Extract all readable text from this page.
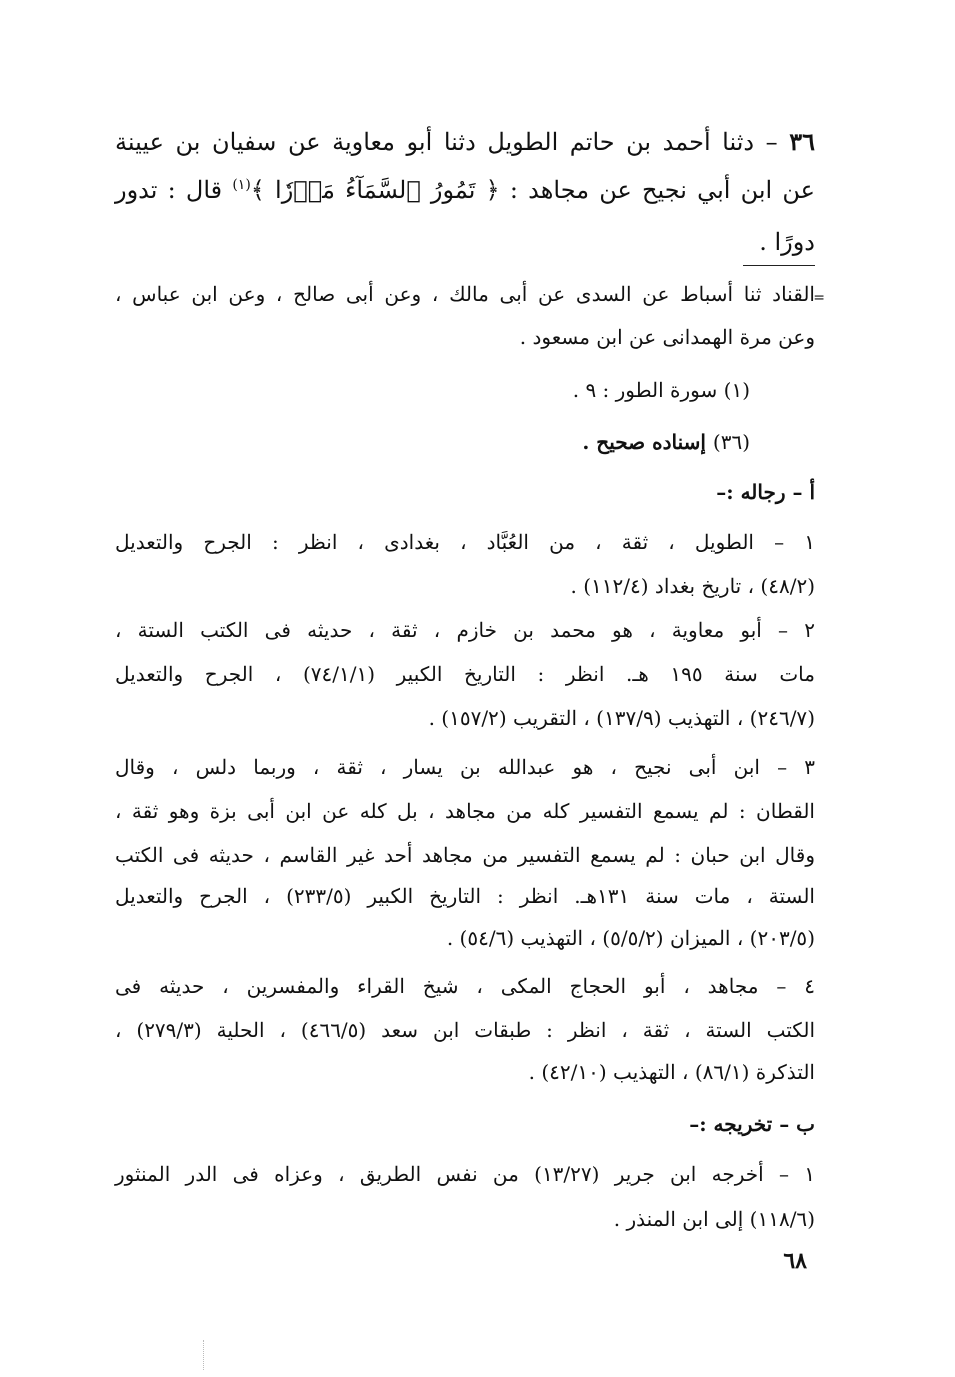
٣٦ – دثنا أحمد بن حاتم الطويل دثنا أبو معاوية عن سفيان بن عيينة
عن ابن أبي نجيح عن مجاهد : ﴿ تَمُورُ ٱلسَّمَآءُ مَوۡرٗا ﴾$^{(١)}$ قال : تدور
دورًا .
=
القناد ثنا أسباط عن السدى عن أبى مالك ، وعن أبى صالح ، وعن ابن عباس ،
وعن مرة الهمدانى عن ابن مسعود .
(١) سورة الطور : ٩ .
(٣٦) إسناده صحيح .
أ – رجاله :–
١ – الطويل ، ثقة ، من العُبَّاد ، بغدادى ، انظر : الجرح والتعديل
(٤٨/٢) ، تاريخ بغداد (١١٢/٤) .
٢ – أبو معاوية ، هو محمد بن خازم ، ثقة ، حديثه فى الكتب الستة ،
مات سنة ١٩٥ هـ. انظر : التاريخ الكبير (٧٤/١/١) ، الجرح والتعديل
(٢٤٦/٧) ، التهذيب (١٣٧/٩) ، التقريب (١٥٧/٢) .
٣ – ابن أبى نجيح ، هو عبدالله بن يسار ، ثقة ، وربما دلس ، وقال
القطان : لم يسمع التفسير كله من مجاهد ، بل كله عن ابن أبى بزة وهو ثقة ،
وقال ابن حبان : لم يسمع التفسير من مجاهد أحد غير القاسم ، حديثه فى الكتب
الستة ، مات سنة ١٣١هـ. انظر : التاريخ الكبير (٢٣٣/٥) ، الجرح والتعديل
(٢٠٣/٥) ، الميزان (٥/٥/٢) ، التهذيب (٥٤/٦) .
٤ – مجاهد ، أبو الحجاج المكى ، شيخ القراء والمفسرين ، حديثه فى
الكتب الستة ، ثقة ، انظر : طبقات ابن سعد (٤٦٦/٥) ، الحلية (٢٧٩/٣) ،
التذكرة (٨٦/١) ، التهذيب (٤٢/١٠) .
ب – تخريجه :–
١ – أخرجه ابن جرير (١٣/٢٧) من نفس الطريق ، وعزاه فى الدر المنثور
(١١٨/٦) إلى ابن المنذر .
٦٨
